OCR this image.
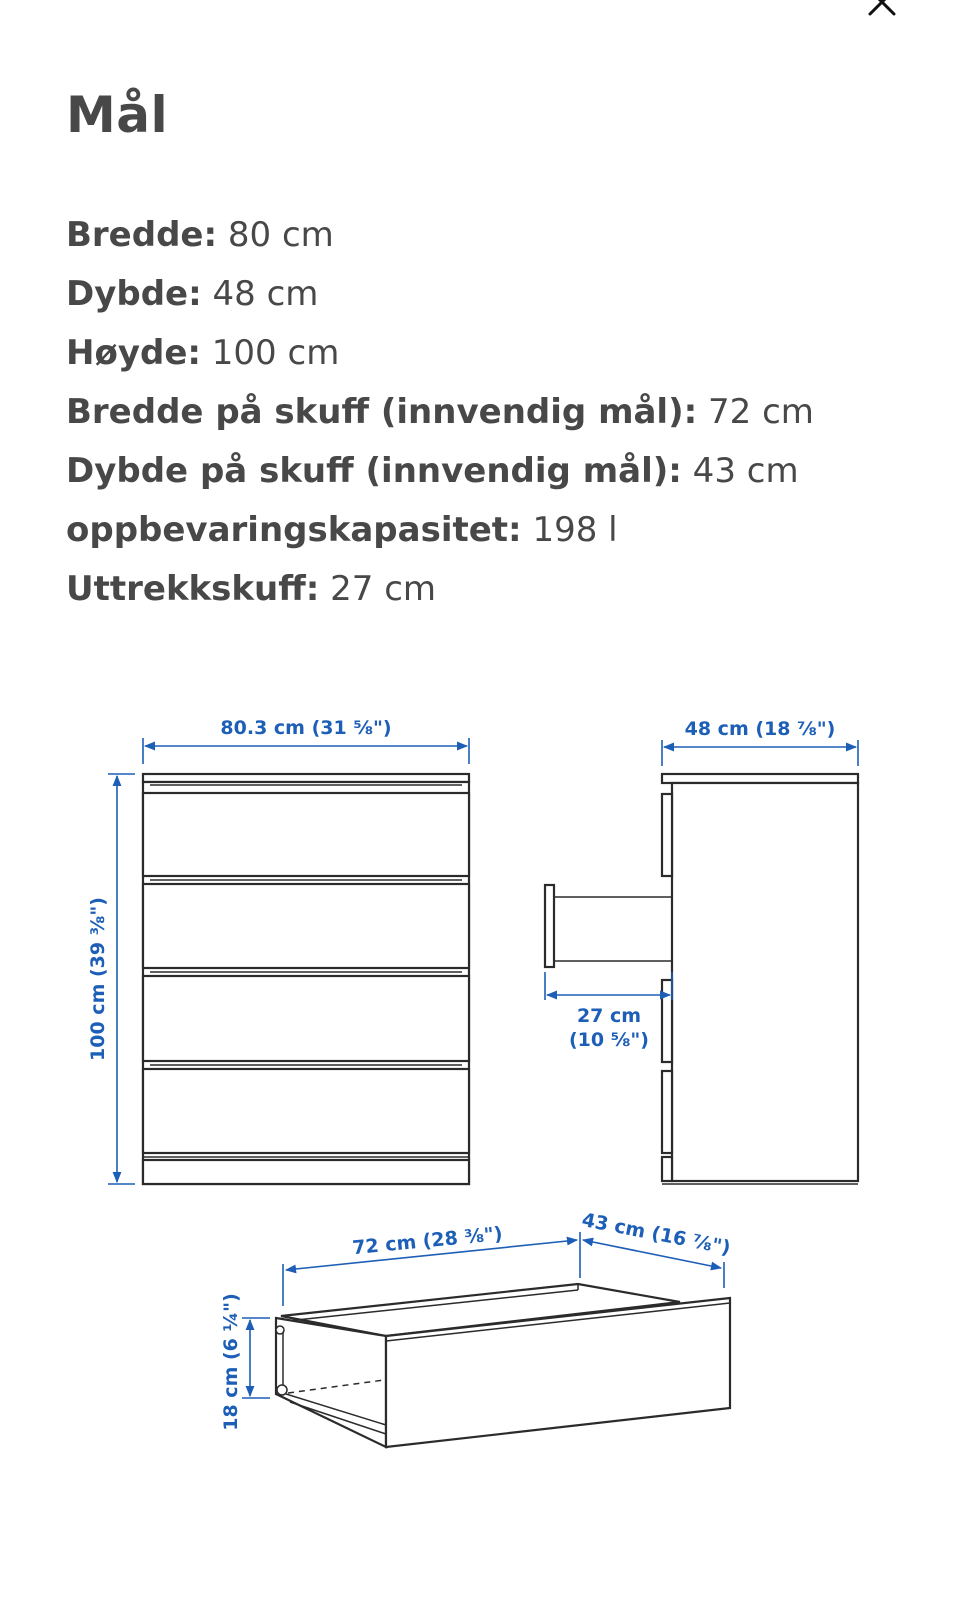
Mål
Bredde: 80 cm
Dybde: 48 cm
Høyde: 100 cm
Bredde på skuff (innvendig mål): 72 cm
Dybde på skuff (innvendig mål): 43 cm
oppbevaringskapasitet: 198 l
Uttrekkskuff: 27 cm
80.3 cm (31 ⅝")
100 cm (39 ⅜")
48 cm (18 ⅞")
27 cm
(10 ⅝")
72 cm (28 ⅜")	43 cm (16 ⅞")
18 cm (6 ¼")
